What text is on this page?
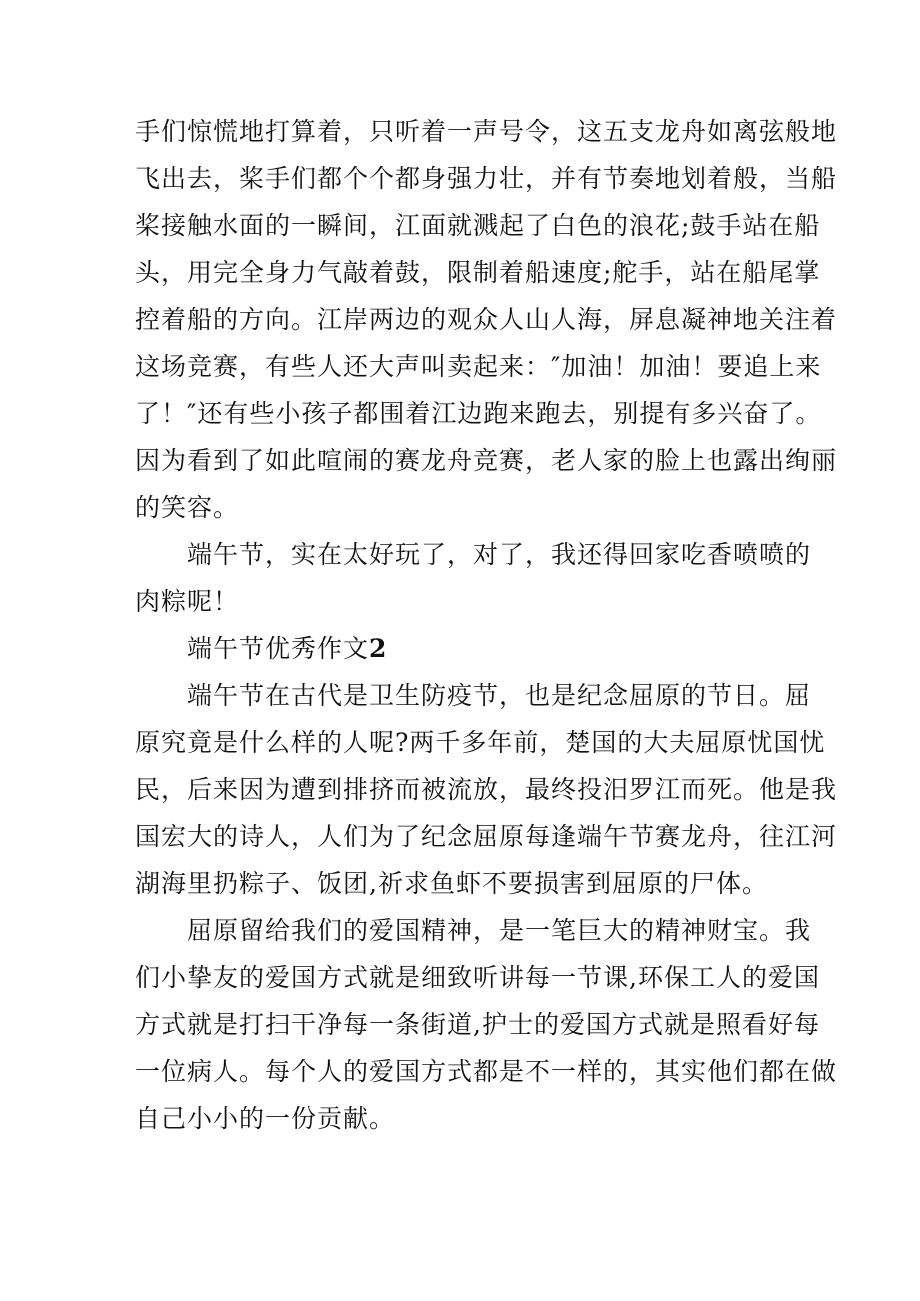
手们惊慌地打算着，只听着一声号令，这五支龙舟如离弦般地
飞出去，桨手们都个个都身强力壮，并有节奏地划着般，当船
桨接触水面的一瞬间，江面就溅起了白色的浪花;鼓手站在船
头，用完全身力气敲着鼓，限制着船速度;舵手，站在船尾掌
控着船的方向。江岸两边的观众人山人海，屏息凝神地关注着
这场竞赛，有些人还大声叫卖起来：″加油！加油！要追上来
了！″还有些小孩子都围着江边跑来跑去，别提有多兴奋了。
因为看到了如此喧闹的赛龙舟竞赛，老人家的脸上也露出绚丽
的笑容。
端午节，实在太好玩了，对了，我还得回家吃香喷喷的
肉粽呢！
端午节优秀作文2
端午节在古代是卫生防疫节，也是纪念屈原的节日。屈
原究竟是什么样的人呢?两千多年前，楚国的大夫屈原忧国忧
民，后来因为遭到排挤而被流放，最终投汨罗江而死。他是我
国宏大的诗人，人们为了纪念屈原每逢端午节赛龙舟，往江河
湖海里扔粽子、饭团,祈求鱼虾不要损害到屈原的尸体。
屈原留给我们的爱国精神，是一笔巨大的精神财宝。我
们小挚友的爱国方式就是细致听讲每一节课,环保工人的爱国
方式就是打扫干净每一条街道,护士的爱国方式就是照看好每
一位病人。每个人的爱国方式都是不一样的，其实他们都在做
自己小小的一份贡献。
